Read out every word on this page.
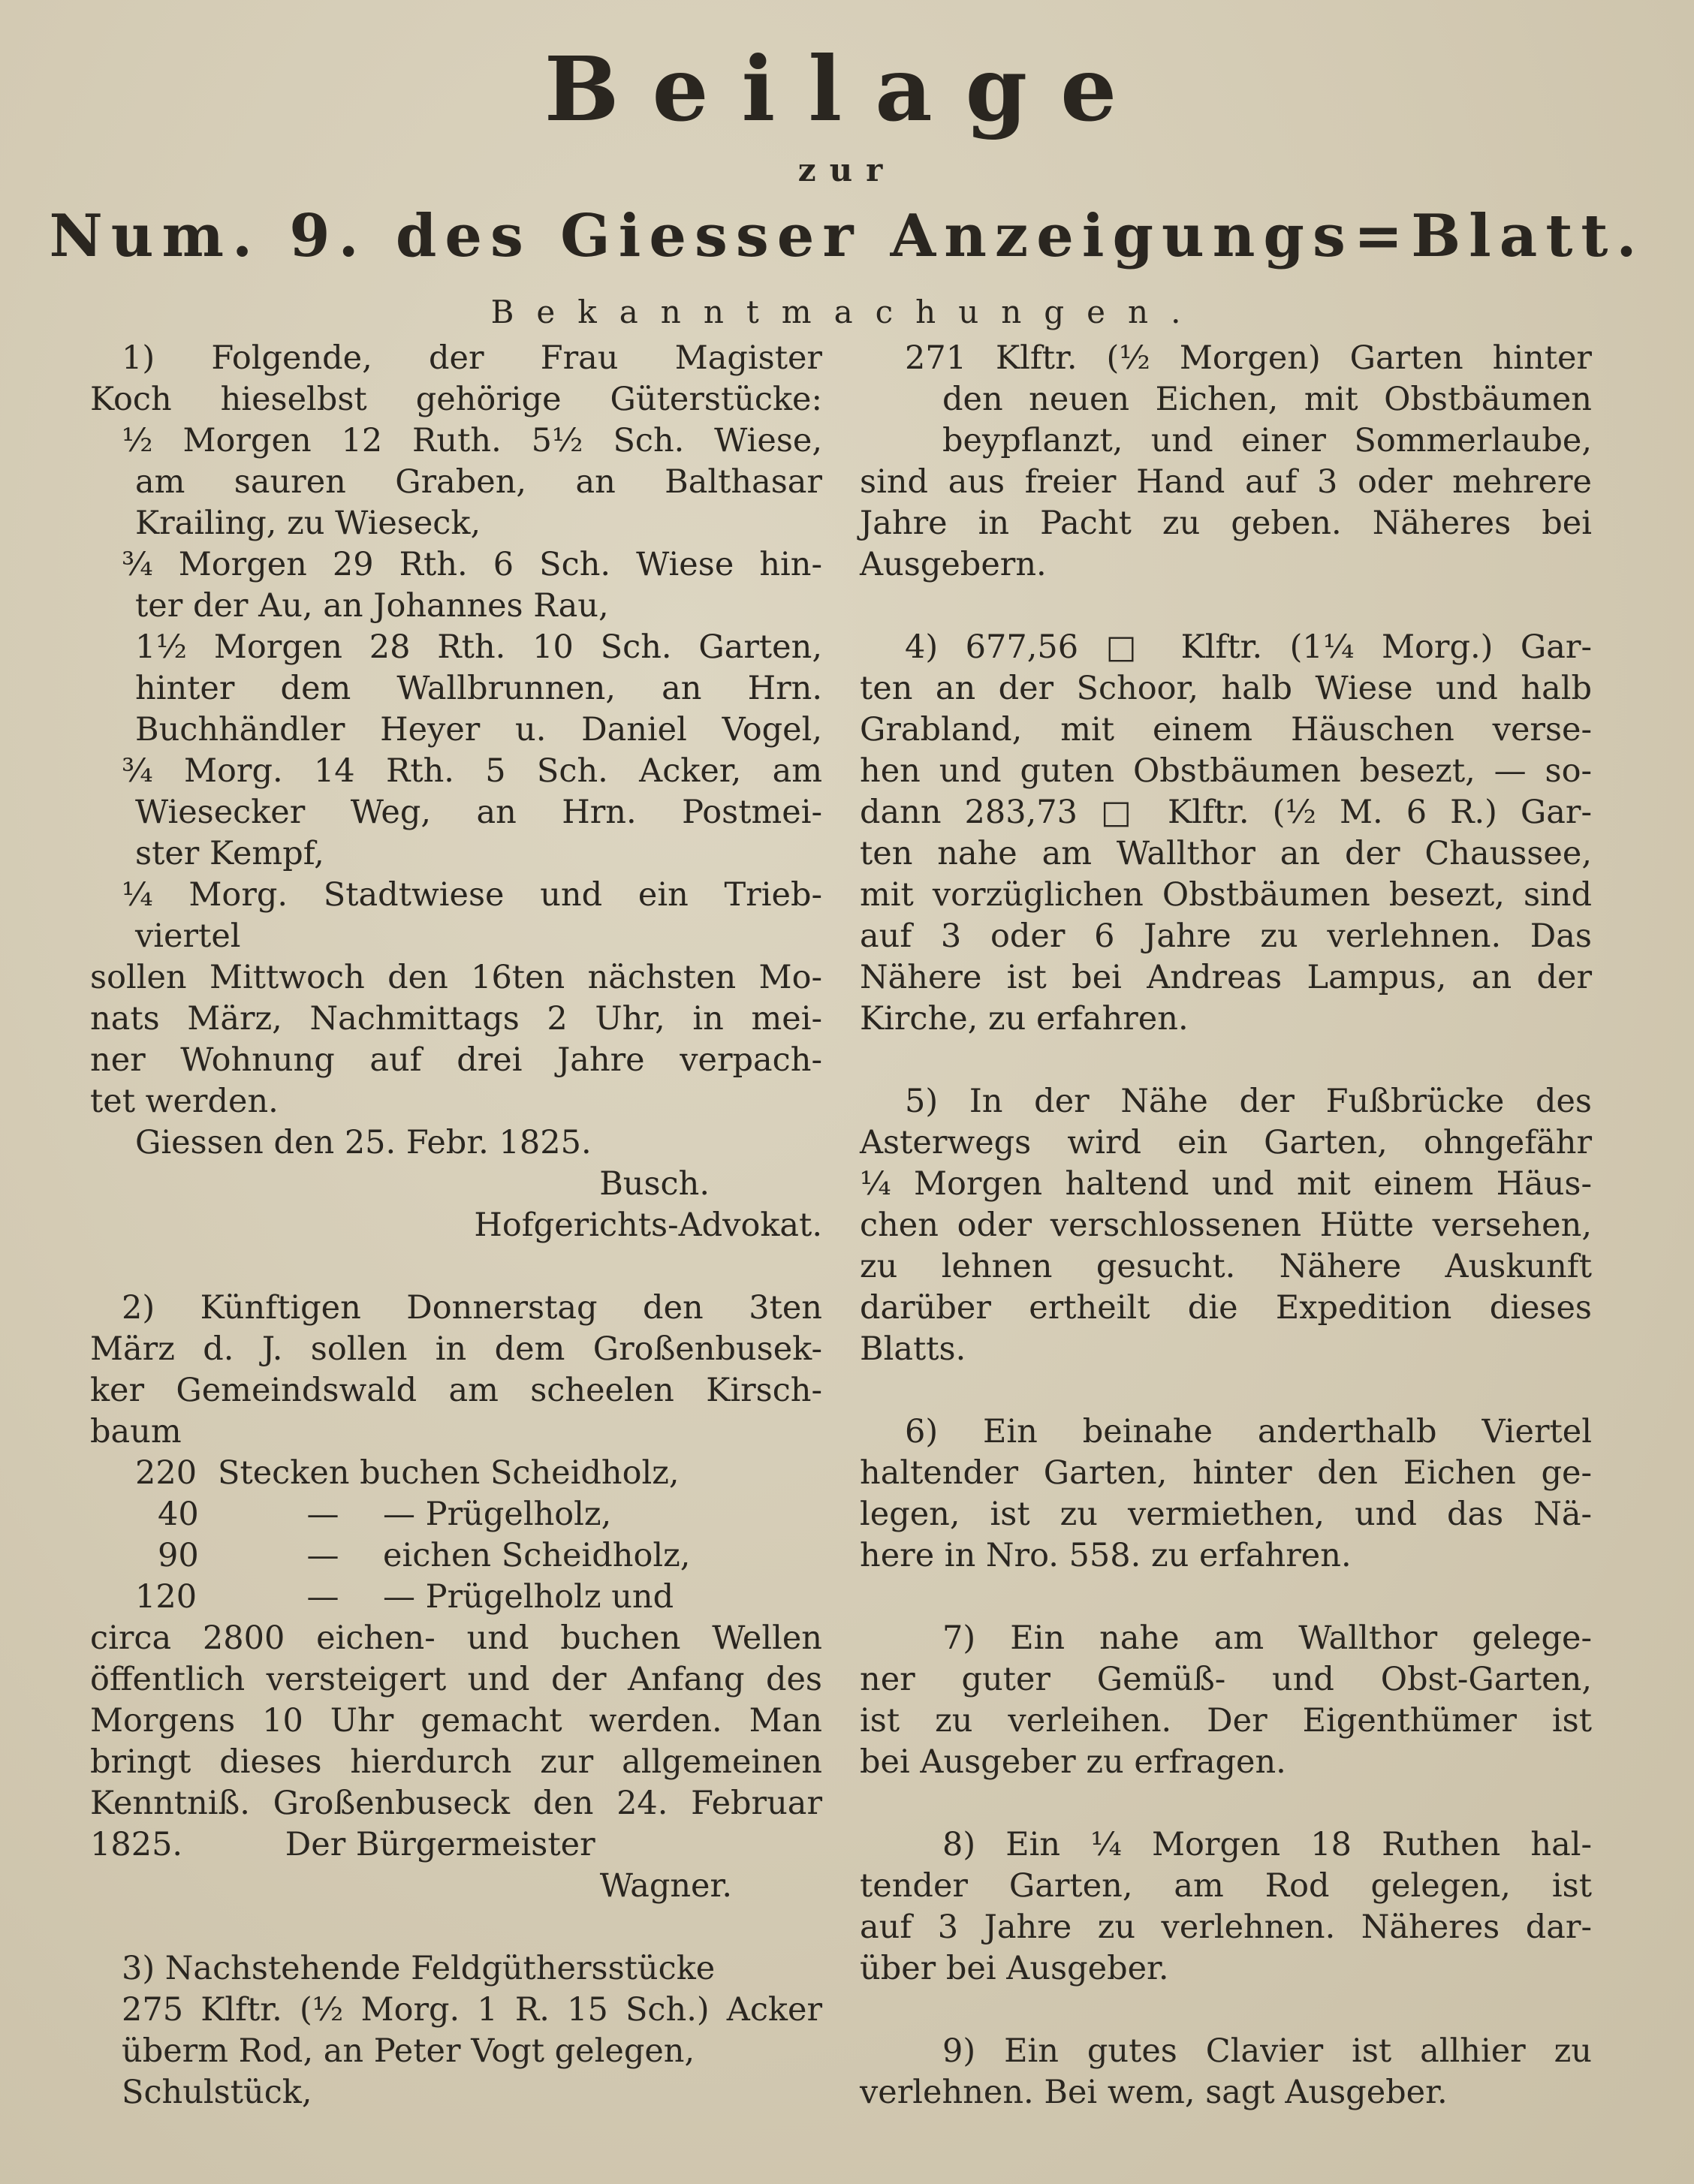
Beilage
zur
Num. 9. des Giesser Anzeigungs=Blatt.
Bekanntmachungen.
1) Folgende, der Frau Magister
Koch hieselbst gehörige Güterstücke:
½ Morgen 12 Ruth. 5½ Sch. Wiese,
am sauren Graben, an Balthasar
Krailing, zu Wieseck,
¾ Morgen 29 Rth. 6 Sch. Wiese hin-
ter der Au, an Johannes Rau,
1½ Morgen 28 Rth. 10 Sch. Garten,
hinter dem Wallbrunnen, an Hrn.
Buchhändler Heyer u. Daniel Vogel,
¾ Morg. 14 Rth. 5 Sch. Acker, am
Wiesecker Weg, an Hrn. Postmei-
ster Kempf,
¼ Morg. Stadtwiese und ein Trieb-
viertel
sollen Mittwoch den 16ten nächsten Mo-
nats März, Nachmittags 2 Uhr, in mei-
ner Wohnung auf drei Jahre verpach-
tet werden.
Giessen den 25. Febr. 1825.
Busch.
Hofgerichts-Advokat.
2) Künftigen Donnerstag den 3ten
März d. J. sollen in dem Großenbusek-
ker Gemeindswald am scheelen Kirsch-
baum
220 Stecken buchen Scheidholz,
40	—	— Prügelholz,
90	—	eichen Scheidholz,
120	—	— Prügelholz und
circa 2800 eichen- und buchen Wellen
öffentlich versteigert und der Anfang des
Morgens 10 Uhr gemacht werden. Man
bringt dieses hierdurch zur allgemeinen
Kenntniß. Großenbuseck den 24. Februar
1825.          Der Bürgermeister
Wagner.
3) Nachstehende Feldgüthersstücke
275 Klftr. (½ Morg. 1 R. 15 Sch.) Acker
überm Rod, an Peter Vogt gelegen,
Schulstück,
271 Klftr. (½ Morgen) Garten hinter
den neuen Eichen, mit Obstbäumen
beypflanzt, und einer Sommerlaube,
sind aus freier Hand auf 3 oder mehrere
Jahre in Pacht zu geben. Näheres bei
Ausgebern.
4) 677,56 □ Klftr. (1¼ Morg.) Gar-
ten an der Schoor, halb Wiese und halb
Grabland, mit einem Häuschen verse-
hen und guten Obstbäumen besezt, — so-
dann 283,73 □ Klftr. (½ M. 6 R.) Gar-
ten nahe am Wallthor an der Chaussee,
mit vorzüglichen Obstbäumen besezt, sind
auf 3 oder 6 Jahre zu verlehnen. Das
Nähere ist bei Andreas Lampus, an der
Kirche, zu erfahren.
5) In der Nähe der Fußbrücke des
Asterwegs wird ein Garten, ohngefähr
¼ Morgen haltend und mit einem Häus-
chen oder verschlossenen Hütte versehen,
zu lehnen gesucht. Nähere Auskunft
darüber ertheilt die Expedition dieses
Blatts.
6) Ein beinahe anderthalb Viertel
haltender Garten, hinter den Eichen ge-
legen, ist zu vermiethen, und das Nä-
here in Nro. 558. zu erfahren.
7) Ein nahe am Wallthor gelege-
ner guter Gemüß- und Obst-Garten,
ist zu verleihen. Der Eigenthümer ist
bei Ausgeber zu erfragen.
8) Ein ¼ Morgen 18 Ruthen hal-
tender Garten, am Rod gelegen, ist
auf 3 Jahre zu verlehnen. Näheres dar-
über bei Ausgeber.
9) Ein gutes Clavier ist allhier zu
verlehnen. Bei wem, sagt Ausgeber.
